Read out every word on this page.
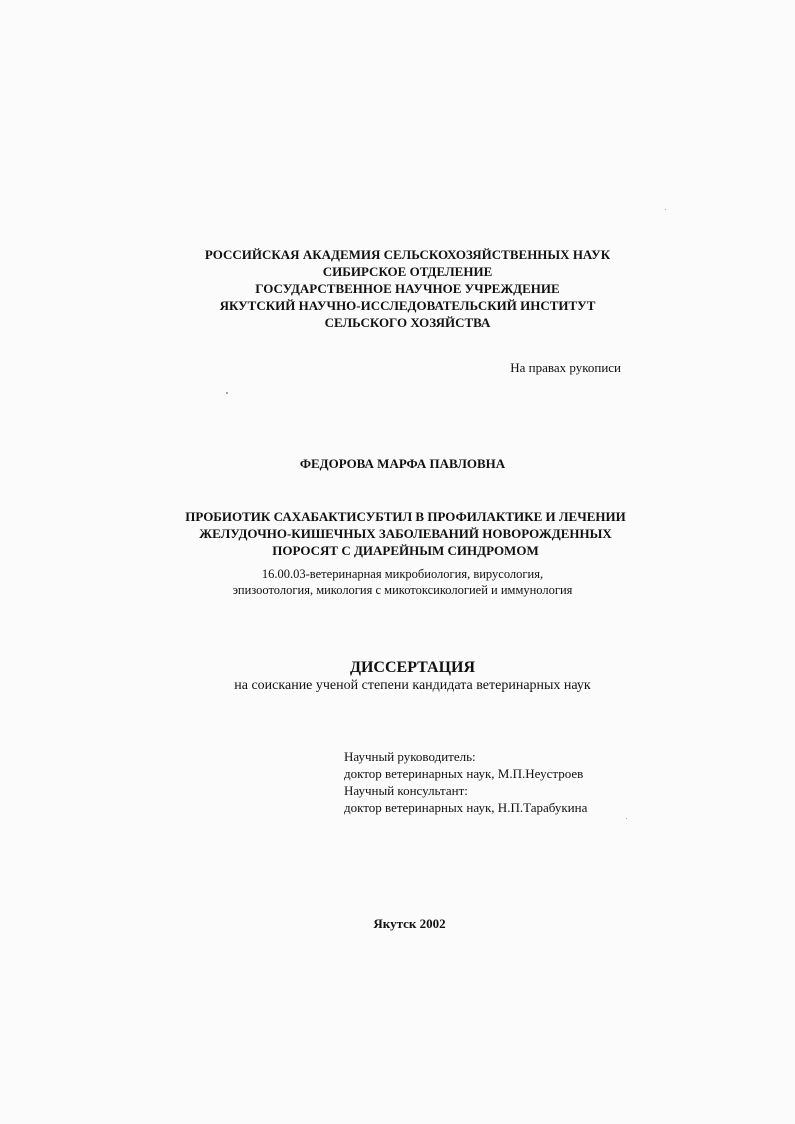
РОССИЙСКАЯ АКАДЕМИЯ СЕЛЬСКОХОЗЯЙСТВЕННЫХ НАУК
СИБИРСКОЕ ОТДЕЛЕНИЕ
ГОСУДАРСТВЕННОЕ НАУЧНОЕ УЧРЕЖДЕНИЕ
ЯКУТСКИЙ НАУЧНО-ИССЛЕДОВАТЕЛЬСКИЙ ИНСТИТУТ
СЕЛЬСКОГО ХОЗЯЙСТВА
На правах рукописи
ФЕДОРОВА МАРФА ПАВЛОВНА
ПРОБИОТИК САХАБАКТИСУБТИЛ В ПРОФИЛАКТИКЕ И ЛЕЧЕНИИ
ЖЕЛУДОЧНО-КИШЕЧНЫХ ЗАБОЛЕВАНИЙ НОВОРОЖДЕННЫХ
ПОРОСЯТ С ДИАРЕЙНЫМ СИНДРОМОМ
16.00.03-ветеринарная микробиология, вирусология,
эпизоотология, микология с микотоксикологией и иммунология
ДИССЕРТАЦИЯ
на соискание ученой степени кандидата ветеринарных наук
Научный руководитель:
доктор ветеринарных наук, М.П.Неустроев
Научный консультант:
доктор ветеринарных наук, Н.П.Тарабукина
Якутск 2002
